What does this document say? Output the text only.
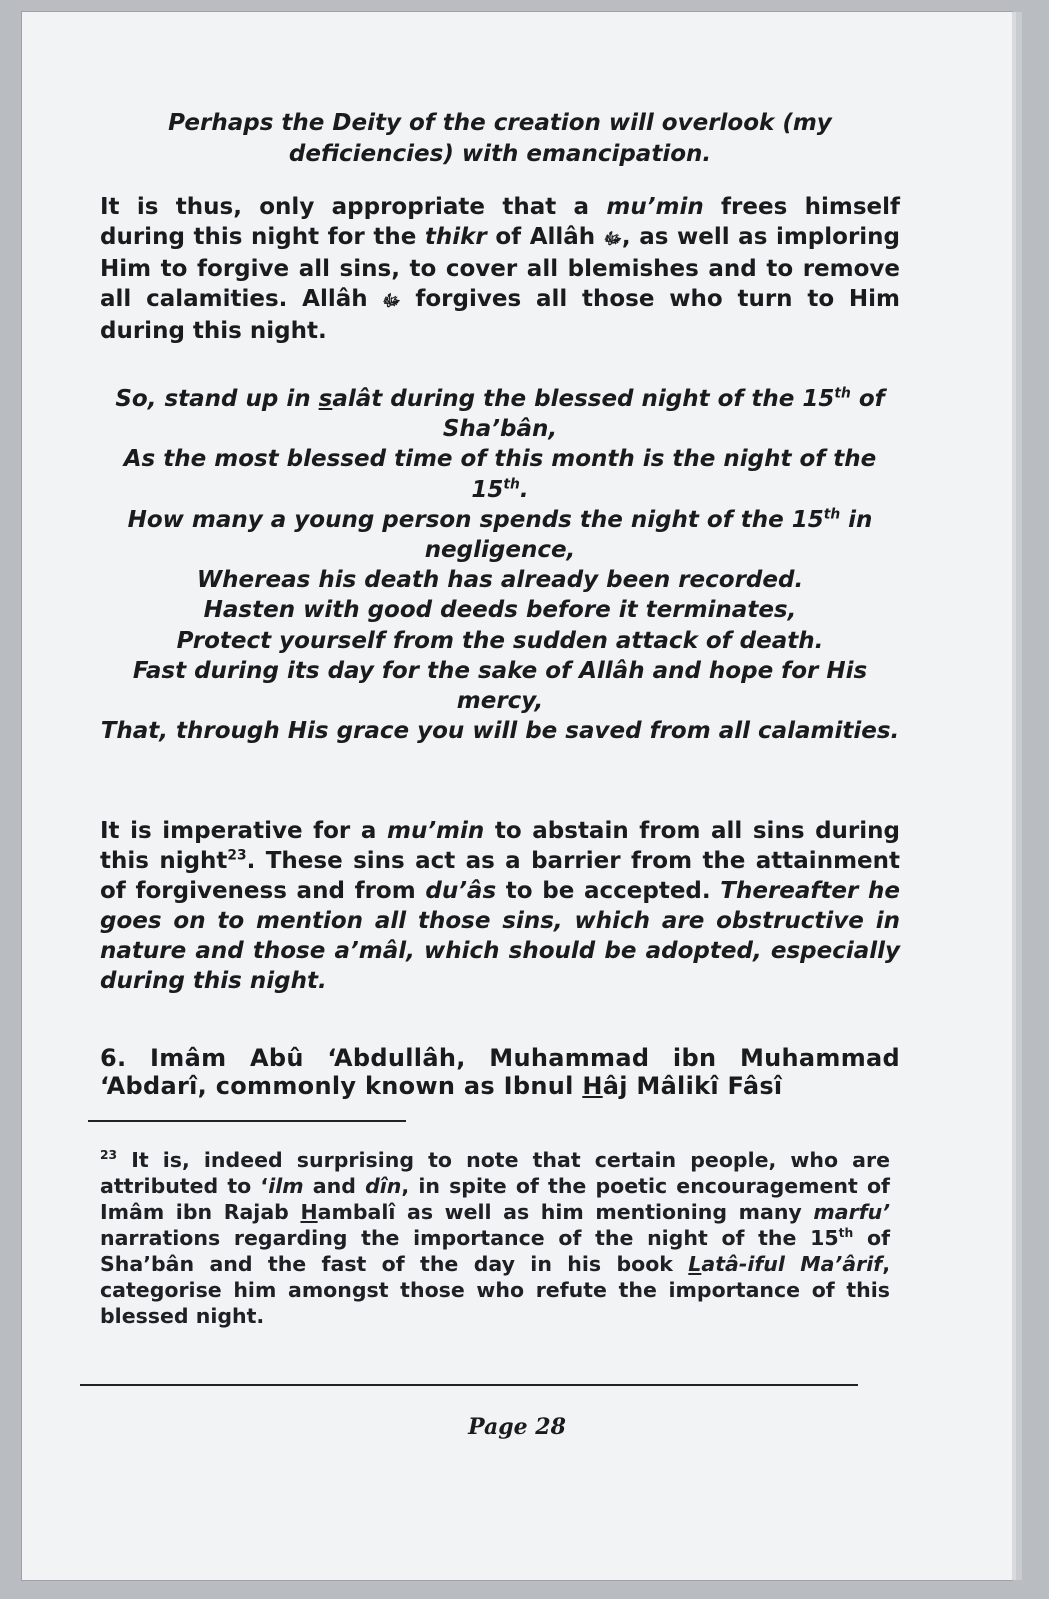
Perhaps the Deity of the creation will overlook (my

deficiencies) with emancipation.

It is thus, only appropriate that a mu’min frees himself during this night for the thikr of Allâh ﷻ, as well as imploring Him to forgive all sins, to cover all blemishes and to remove all calamities. Allâh ﷻ forgives all those who turn to Him during this night.

So, stand up in salât during the blessed night of the 15th of Sha’bân,

As the most blessed time of this month is the night of the 15th.

How many a young person spends the night of the 15th in negligence,

Whereas his death has already been recorded.

Hasten with good deeds before it terminates,

Protect yourself from the sudden attack of death.

Fast during its day for the sake of Allâh and hope for His mercy,

That, through His grace you will be saved from all calamities.

It is imperative for a mu’min to abstain from all sins during this night$^{23}$. These sins act as a barrier from the attainment of forgiveness and from du’âs to be accepted. Thereafter he goes on to mention all those sins, which are obstructive in nature and those a’mâl, which should be adopted, especially during this night.

6. Imâm Abû ‘Abdullâh, Muhammad ibn Muhammad ‘Abdarî, commonly known as Ibnul Hâj Mâlikî Fâsî

$^{23}$ It is, indeed surprising to note that certain people, who are attributed to ‘ilm and dîn, in spite of the poetic encouragement of Imâm ibn Rajab Hambalî as well as him mentioning many marfu’ narrations regarding the importance of the night of the 15th of Sha’bân and the fast of the day in his book Latâ-iful Ma’ârif, categorise him amongst those who refute the importance of this blessed night.

Page 28
